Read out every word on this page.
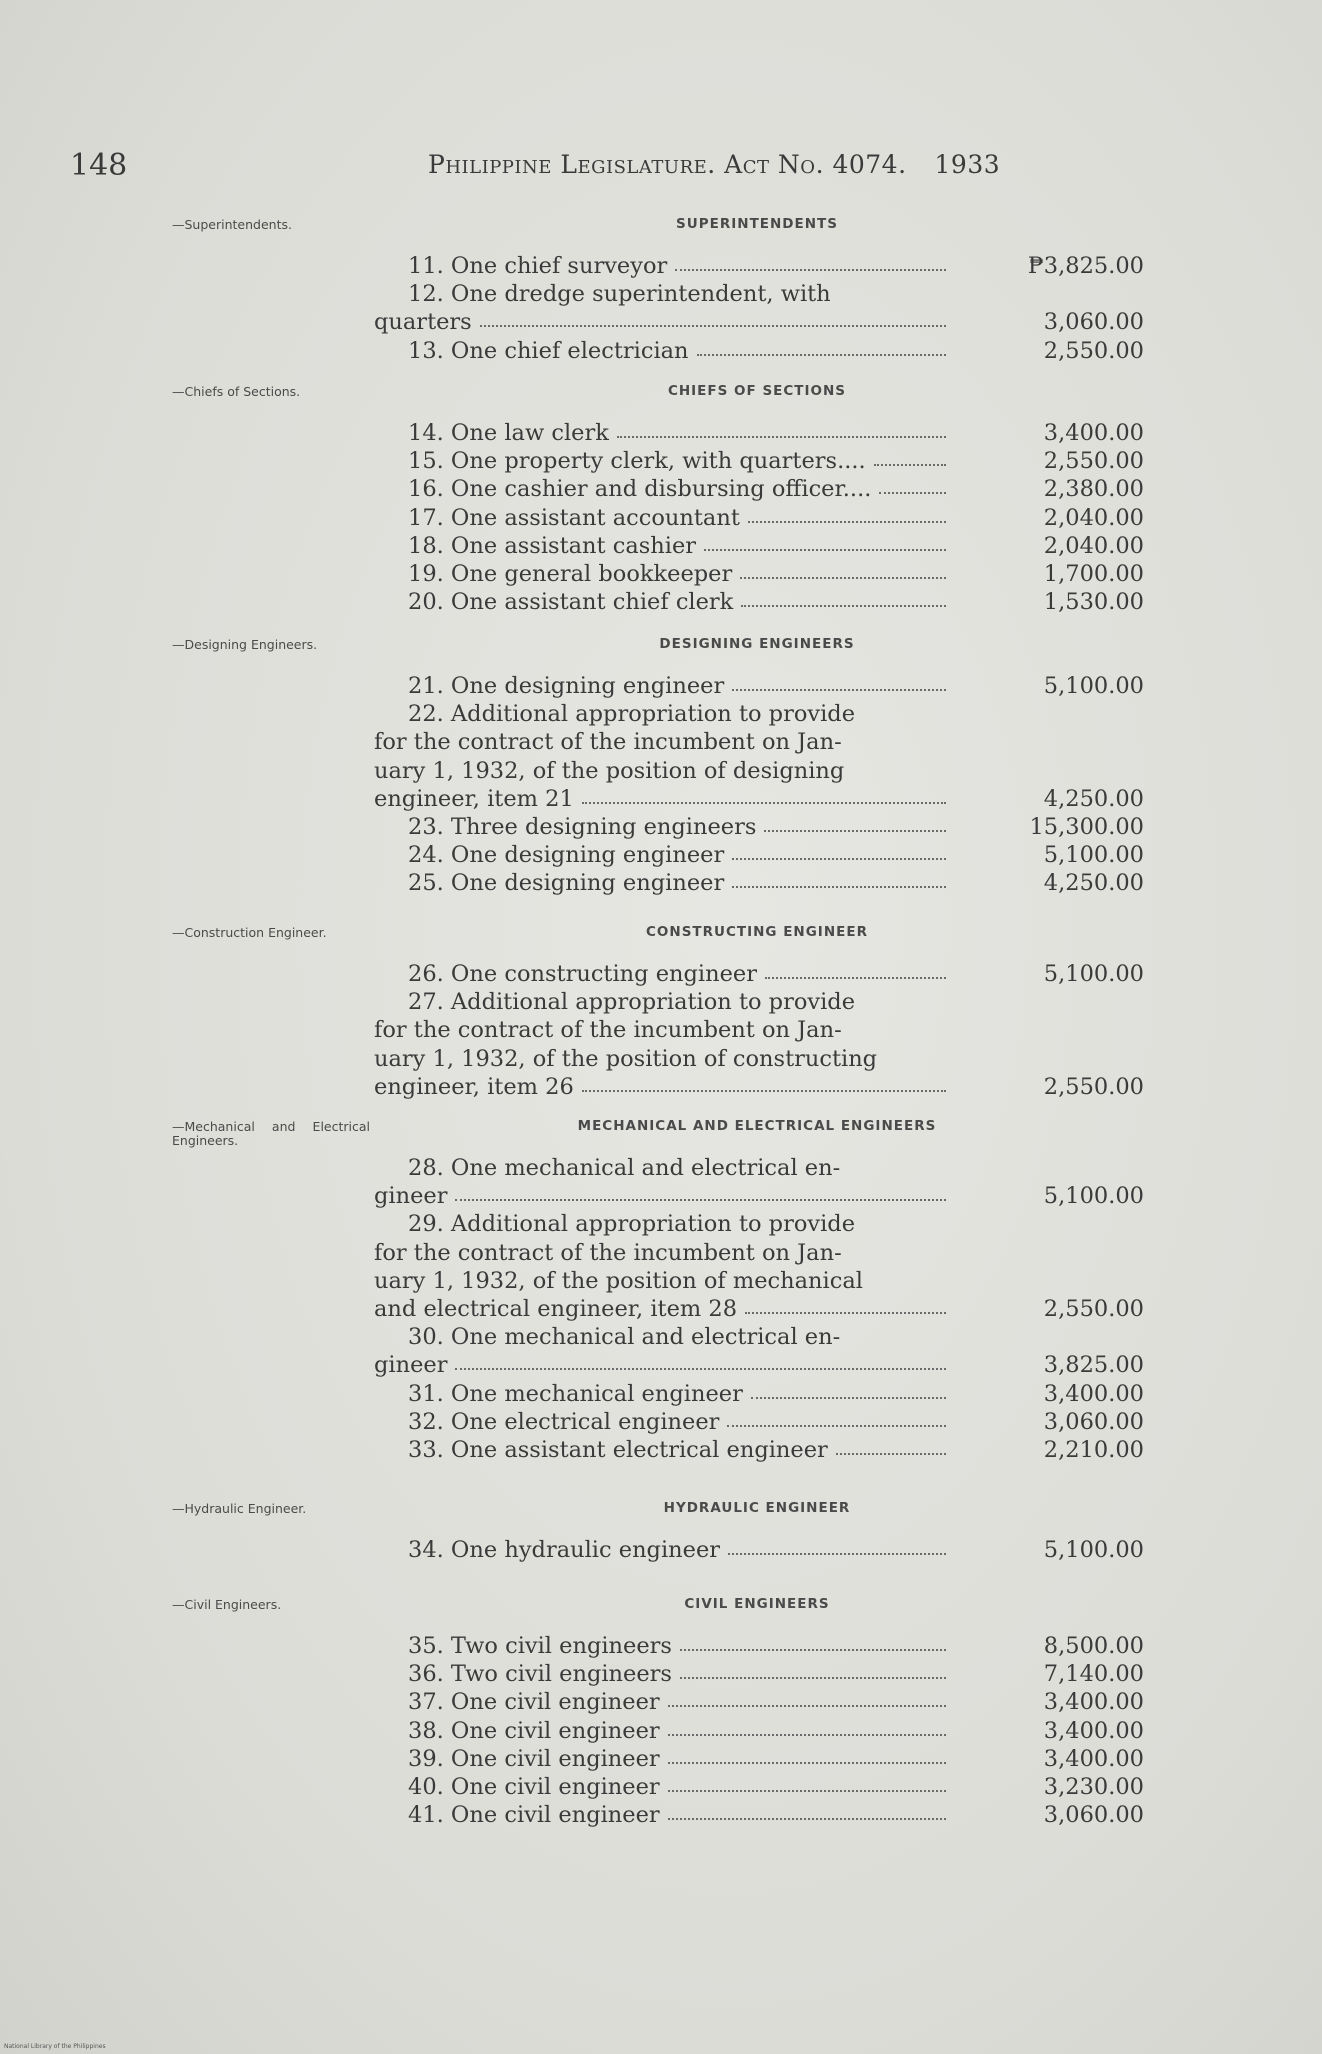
148	Philippine Legislature. Act No. 4074. 1933
—Superintendents.	SUPERINTENDENTS
11. One chief surveyor	₱3,825.00
12. One dredge superintendent, with
quarters	3,060.00
13. One chief electrician	2,550.00
—Chiefs of Sections.	CHIEFS OF SECTIONS
14. One law clerk	3,400.00
15. One property clerk, with quarters....	2,550.00
16. One cashier and disbursing officer....	2,380.00
17. One assistant accountant	2,040.00
18. One assistant cashier	2,040.00
19. One general bookkeeper	1,700.00
20. One assistant chief clerk	1,530.00
—Designing Engineers.	DESIGNING ENGINEERS
21. One designing engineer	5,100.00
22. Additional appropriation to provide
for the contract of the incumbent on Jan-
uary 1, 1932, of the position of designing
engineer, item 21	4,250.00
23. Three designing engineers	15,300.00
24. One designing engineer	5,100.00
25. One designing engineer	4,250.00
—Construction Engineer.	CONSTRUCTING ENGINEER
26. One constructing engineer	5,100.00
27. Additional appropriation to provide
for the contract of the incumbent on Jan-
uary 1, 1932, of the position of constructing
engineer, item 26	2,550.00
—Mechanical and Electrical Engineers.
MECHANICAL AND ELECTRICAL ENGINEERS
28. One mechanical and electrical en-
gineer	5,100.00
29. Additional appropriation to provide
for the contract of the incumbent on Jan-
uary 1, 1932, of the position of mechanical
and electrical engineer, item 28	2,550.00
30. One mechanical and electrical en-
gineer	3,825.00
31. One mechanical engineer	3,400.00
32. One electrical engineer	3,060.00
33. One assistant electrical engineer	2,210.00
—Hydraulic Engineer.	HYDRAULIC ENGINEER
34. One hydraulic engineer	5,100.00
—Civil Engineers.	CIVIL ENGINEERS
35. Two civil engineers	8,500.00
36. Two civil engineers	7,140.00
37. One civil engineer	3,400.00
38. One civil engineer	3,400.00
39. One civil engineer	3,400.00
40. One civil engineer	3,230.00
41. One civil engineer	3,060.00
National Library of the Philippines
